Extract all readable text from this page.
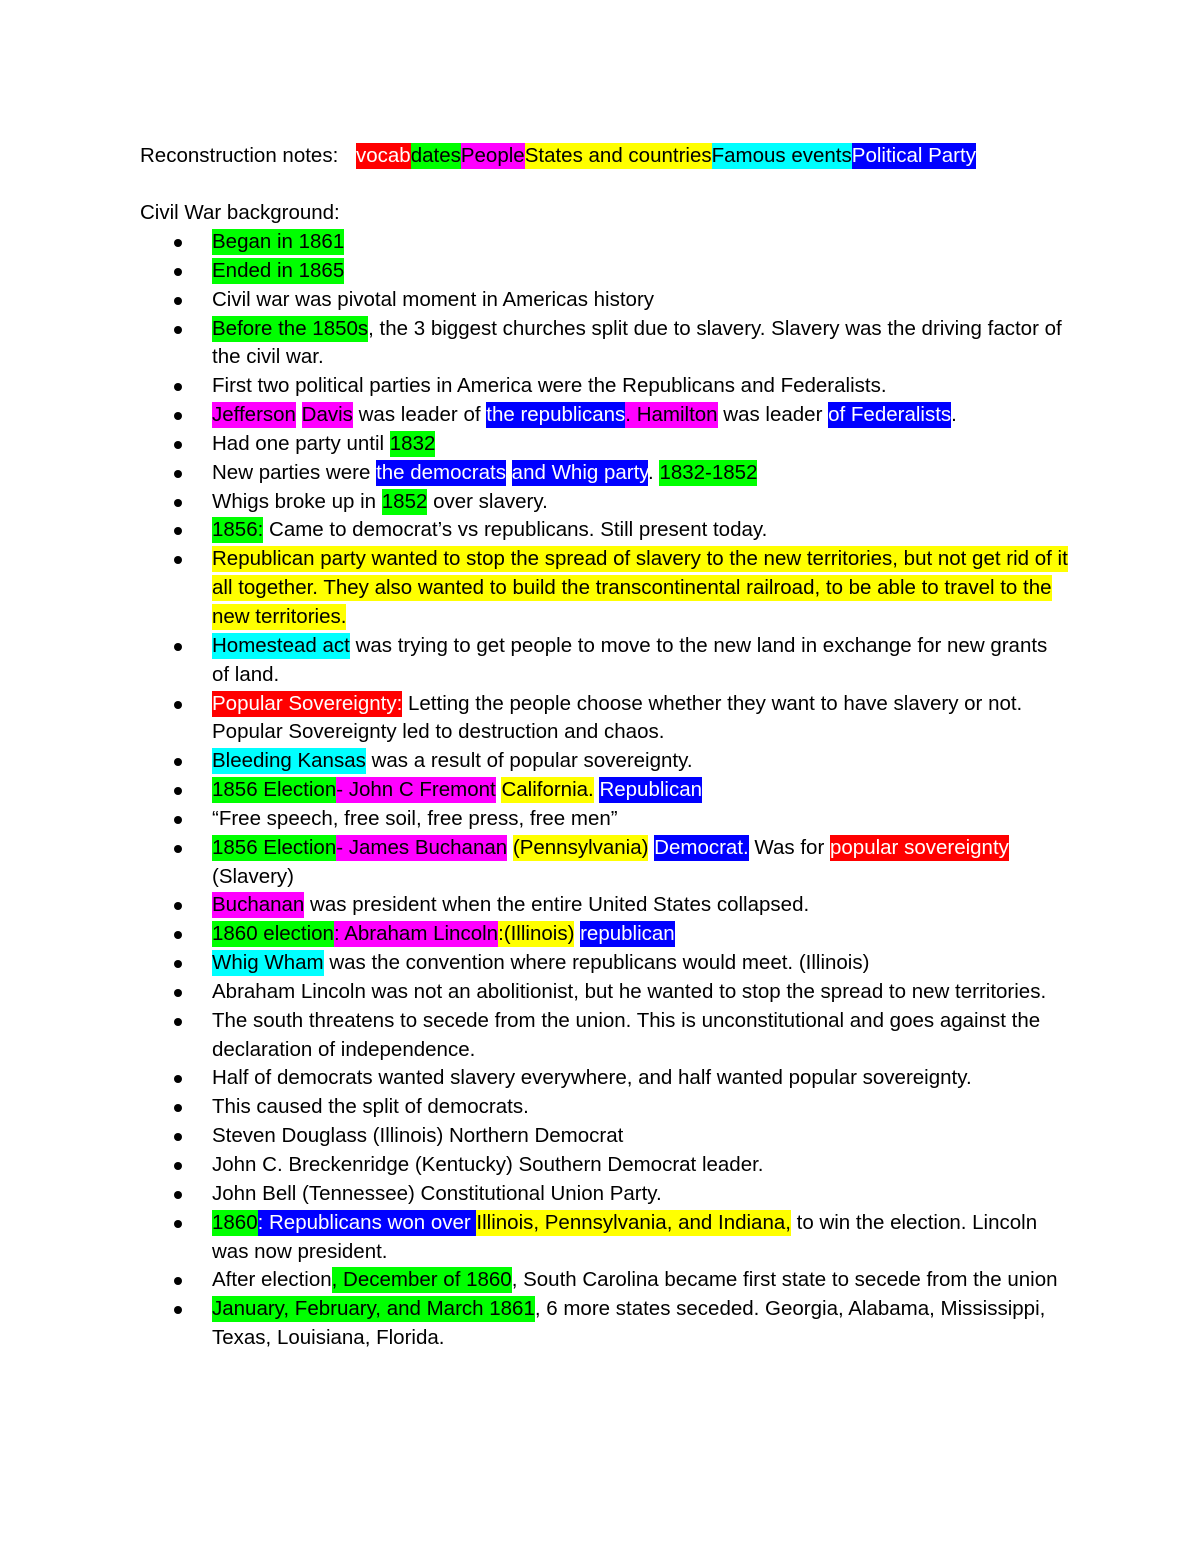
Reconstruction notes: vocabdatesPeopleStates and countriesFamous eventsPolitical Party
Civil War background:
Began in 1861
Ended in 1865
Civil war was pivotal moment in Americas history
Before the 1850s, the 3 biggest churches split due to slavery. Slavery was the driving factor of the civil war.
First two political parties in America were the Republicans and Federalists.
Jefferson Davis was leader of the republicans. Hamilton was leader of Federalists.
Had one party until 1832
New parties were the democrats and Whig party. 1832-1852
Whigs broke up in 1852 over slavery.
1856: Came to democrat’s vs republicans. Still present today.
Republican party wanted to stop the spread of slavery to the new territories, but not get rid of it all together. They also wanted to build the transcontinental railroad, to be able to travel to the new territories.
Homestead act was trying to get people to move to the new land in exchange for new grants of land.
Popular Sovereignty: Letting the people choose whether they want to have slavery or not. Popular Sovereignty led to destruction and chaos.
Bleeding Kansas was a result of popular sovereignty.
1856 Election- John C Fremont California. Republican
“Free speech, free soil, free press, free men”
1856 Election- James Buchanan (Pennsylvania) Democrat. Was for popular sovereignty (Slavery)
Buchanan was president when the entire United States collapsed.
1860 election: Abraham Lincoln:(Illinois) republican
Whig Wham was the convention where republicans would meet. (Illinois)
Abraham Lincoln was not an abolitionist, but he wanted to stop the spread to new territories.
The south threatens to secede from the union. This is unconstitutional and goes against the declaration of independence.
Half of democrats wanted slavery everywhere, and half wanted popular sovereignty.
This caused the split of democrats.
Steven Douglass (Illinois) Northern Democrat
John C. Breckenridge (Kentucky) Southern Democrat leader.
John Bell (Tennessee) Constitutional Union Party.
1860: Republicans won over Illinois, Pennsylvania, and Indiana, to win the election. Lincoln was now president.
After election, December of 1860, South Carolina became first state to secede from the union
January, February, and March 1861, 6 more states seceded. Georgia, Alabama, Mississippi, Texas, Louisiana, Florida.
